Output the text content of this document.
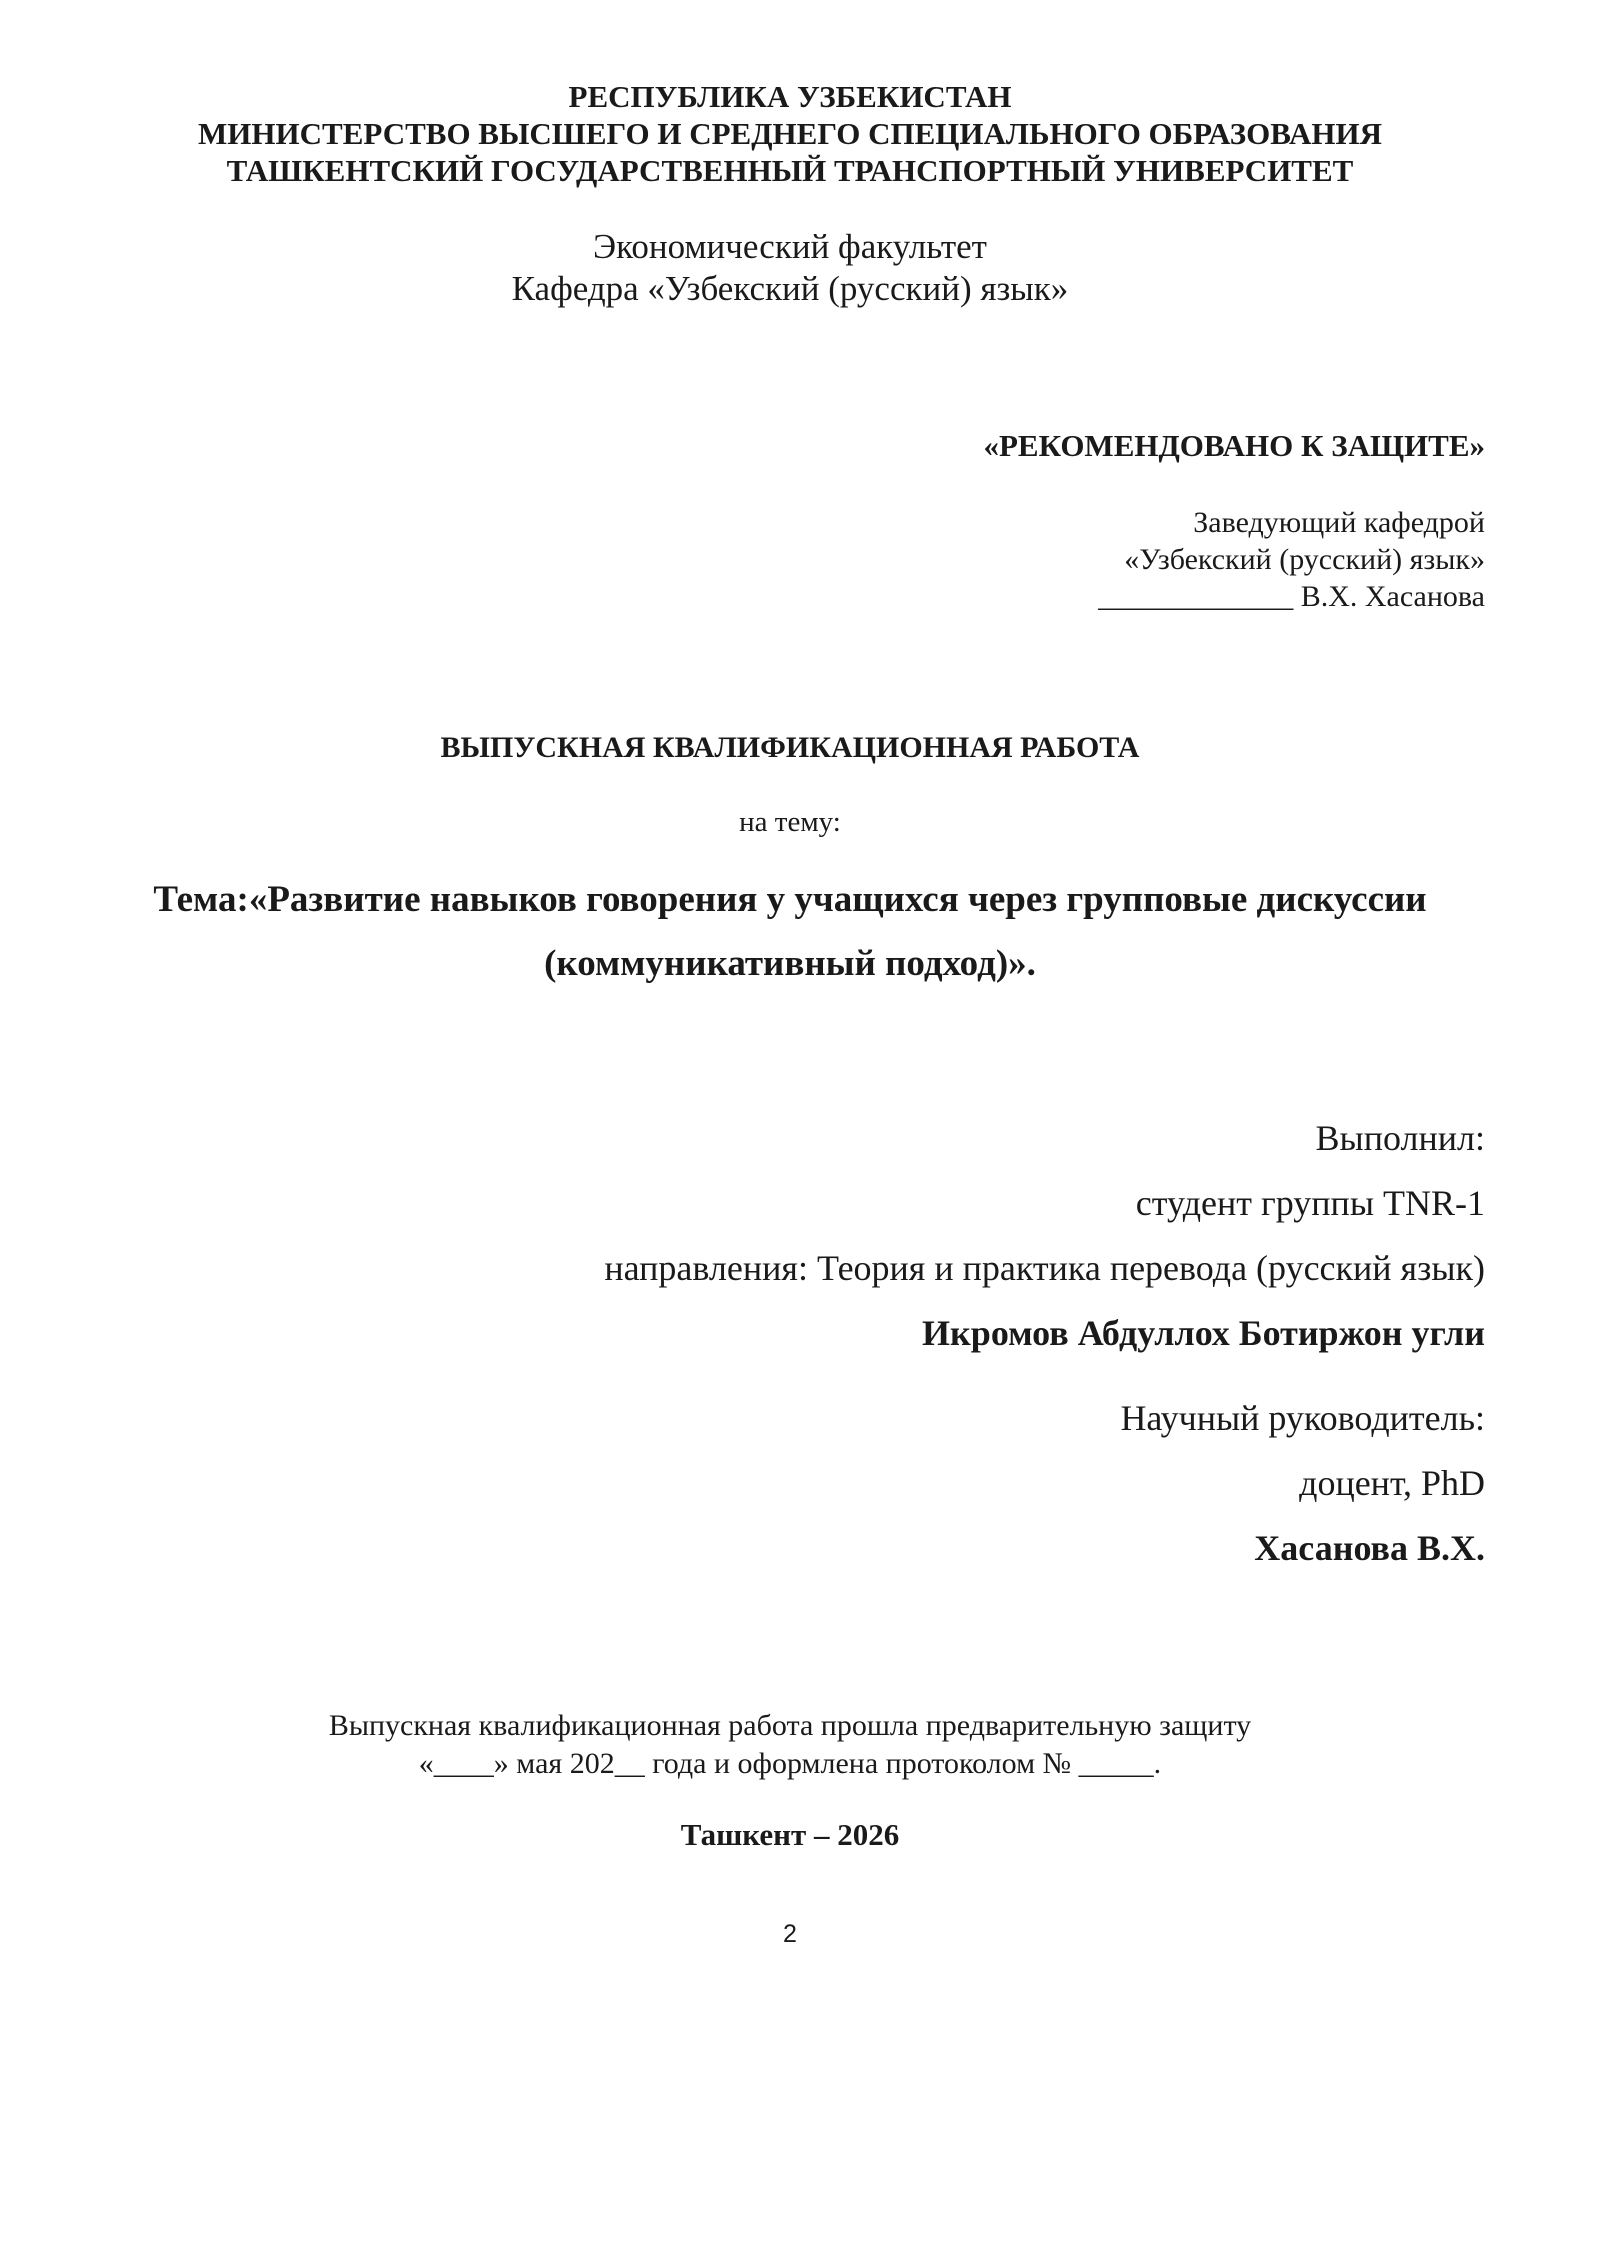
РЕСПУБЛИКА УЗБЕКИСТАН
МИНИСТЕРСТВО ВЫСШЕГО И СРЕДНЕГО СПЕЦИАЛЬНОГО ОБРАЗОВАНИЯ
ТАШКЕНТСКИЙ ГОСУДАРСТВЕННЫЙ ТРАНСПОРТНЫЙ УНИВЕРСИТЕТ
Экономический факультет
Кафедра «Узбекский (русский) язык»
«РЕКОМЕНДОВАНО К ЗАЩИТЕ»
Заведующий кафедрой
«Узбекский (русский) язык»
_____________ В.Х. Хасанова
ВЫПУСКНАЯ КВАЛИФИКАЦИОННАЯ РАБОТА
на тему:
Тема:«Развитие навыков говорения у учащихся через групповые дискуссии
(коммуникативный подход)».
Выполнил:
студент группы TNR-1
направления: Теория и практика перевода (русский язык)
Икромов Абдуллох Ботиржон угли
Научный руководитель:
доцент, PhD
Хасанова В.Х.
Выпускная квалификационная работа прошла предварительную защиту
«____» мая 202__ года и оформлена протоколом № _____.
Ташкент – 2026
2
